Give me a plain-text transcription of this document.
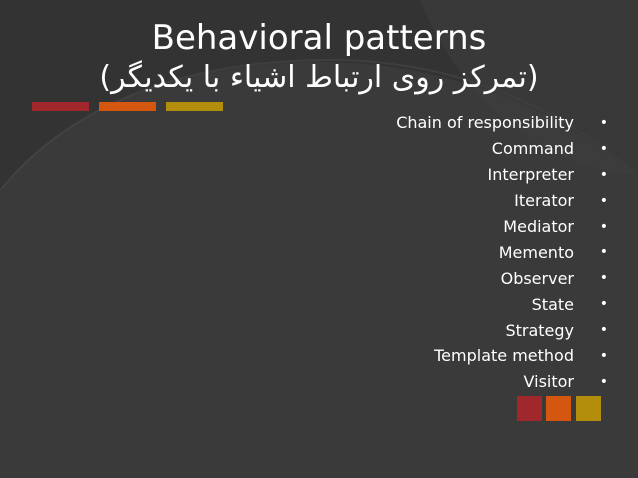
Behavioral patterns
(تمرکز روی ارتباط اشیاء با یکدیگر)
Chain of responsibility	•
Command	•
Interpreter	•
Iterator	•
Mediator	•
Memento	•
Observer	•
State	•
Strategy	•
Template method	•
Visitor	•
